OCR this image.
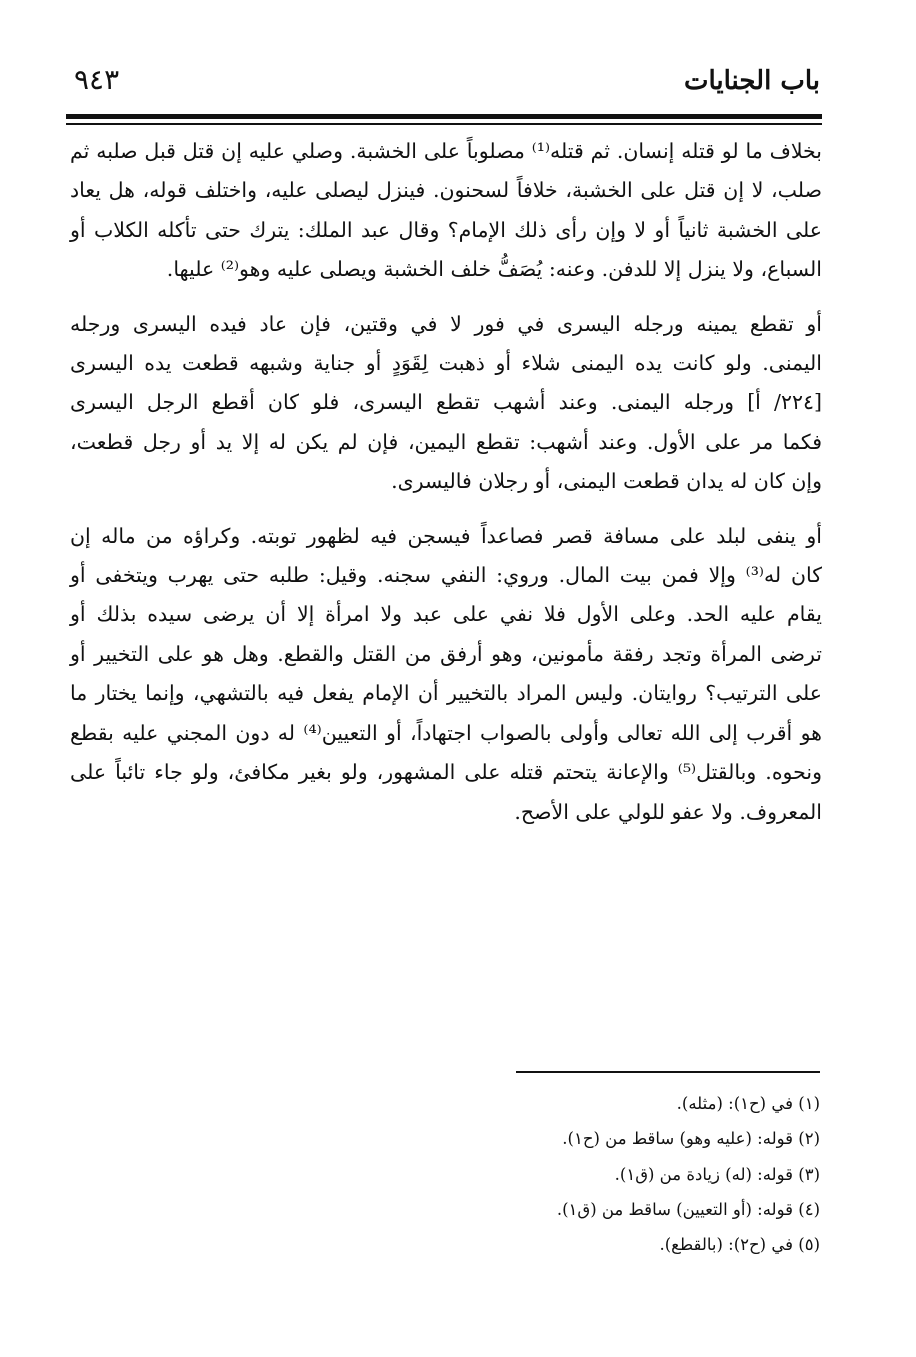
باب الجنايات
٩٤٣

بخلاف ما لو قتله إنسان. ثم قتله⁽¹⁾ مصلوباً على الخشبة. وصلي عليه إن قتل قبل صلبه ثم
صلب، لا إن قتل على الخشبة، خلافاً لسحنون. فينزل ليصلى عليه، واختلف قوله، هل يعاد
على الخشبة ثانياً أو لا وإن رأى ذلك الإمام؟ وقال عبد الملك: يترك حتى تأكله الكلاب أو
السباع، ولا ينزل إلا للدفن. وعنه: يُصَفُّ خلف الخشبة ويصلى عليه وهو⁽²⁾ عليها.

أو تقطع يمينه ورجله اليسرى في فور لا في وقتين، فإن عاد فيده اليسرى ورجله
اليمنى. ولو كانت يده اليمنى شلاء أو ذهبت لِقَوَدٍ أو جناية وشبهه قطعت يده اليسرى
[٢٢٤/ أ] ورجله اليمنى. وعند أشهب تقطع اليسرى، فلو كان أقطع الرجل اليسرى
فكما مر على الأول. وعند أشهب: تقطع اليمين، فإن لم يكن له إلا يد أو رجل قطعت،
وإن كان له يدان قطعت اليمنى، أو رجلان فاليسرى.

أو ينفى لبلد على مسافة قصر فصاعداً فيسجن فيه لظهور توبته. وكراؤه من ماله إن
كان له⁽³⁾ وإلا فمن بيت المال. وروي: النفي سجنه. وقيل: طلبه حتى يهرب ويتخفى أو
يقام عليه الحد. وعلى الأول فلا نفي على عبد ولا امرأة إلا أن يرضى سيده بذلك أو
ترضى المرأة وتجد رفقة مأمونين، وهو أرفق من القتل والقطع. وهل هو على التخيير أو
على الترتيب؟ روايتان. وليس المراد بالتخيير أن الإمام يفعل فيه بالتشهي، وإنما يختار ما
هو أقرب إلى الله تعالى وأولى بالصواب اجتهاداً، أو التعيين⁽⁴⁾ له دون المجني عليه بقطع
ونحوه. وبالقتل⁽⁵⁾ والإعانة يتحتم قتله على المشهور، ولو بغير مكافئ، ولو جاء تائباً على
المعروف. ولا عفو للولي على الأصح.

(١) في (ح١): (مثله).
(٢) قوله: (عليه وهو) ساقط من (ح١).
(٣) قوله: (له) زيادة من (ق١).
(٤) قوله: (أو التعيين) ساقط من (ق١).
(٥) في (ح٢): (بالقطع).
